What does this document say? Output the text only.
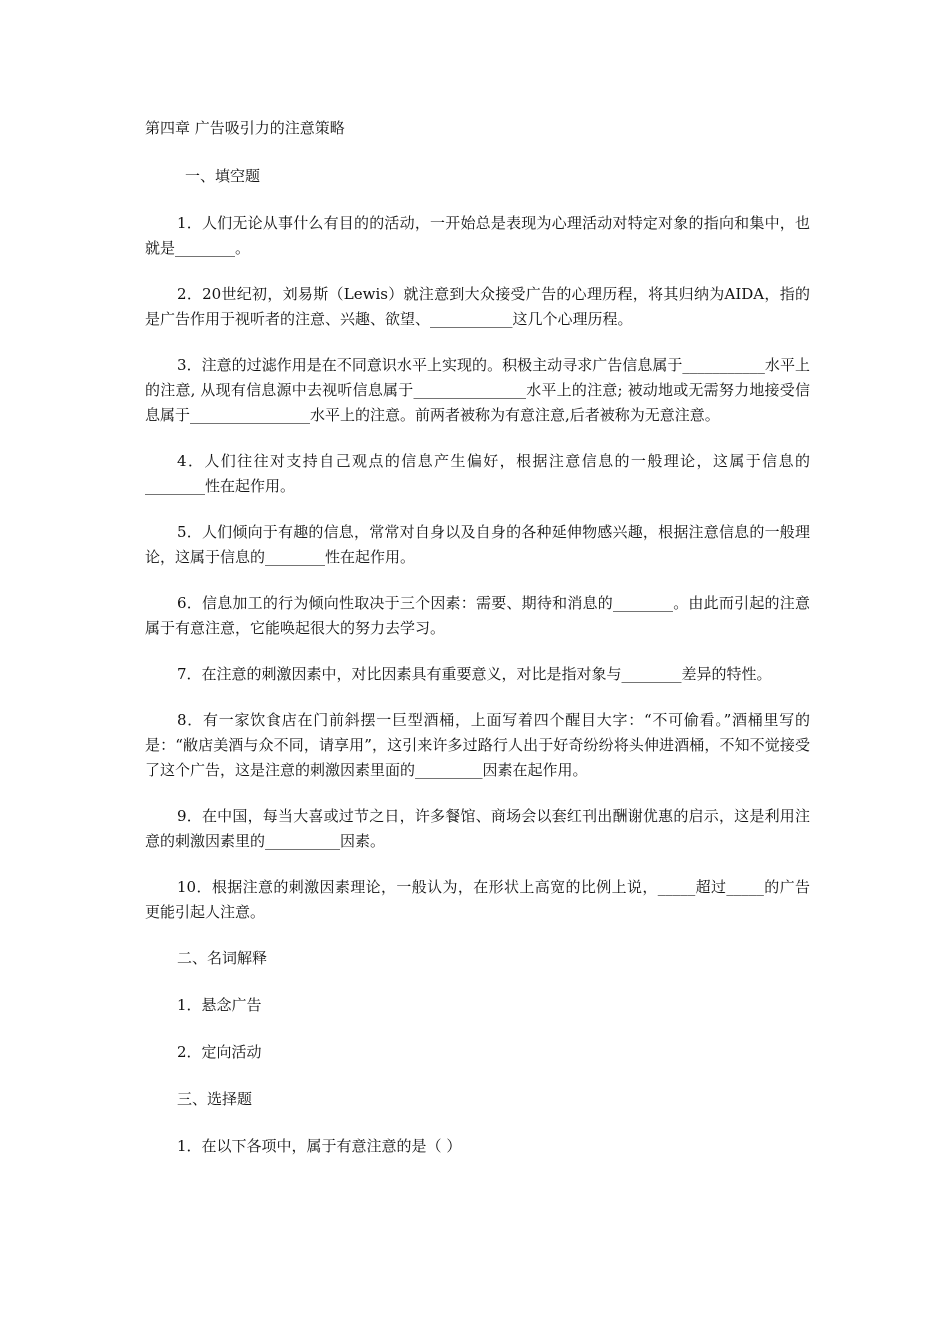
第四章 广告吸引力的注意策略
一、填空题

1．人们无论从事什么有目的的活动，一开始总是表现为心理活动对特定对象的指向和集中，也就是________。

2．20世纪初，刘易斯（Lewis）就注意到大众接受广告的心理历程，将其归纳为AIDA，指的是广告作用于视听者的注意、兴趣、欲望、___________这几个心理历程。

3．注意的过滤作用是在不同意识水平上实现的。积极主动寻求广告信息属于___________水平上的注意, 从现有信息源中去视听信息属于_______________水平上的注意; 被动地或无需努力地接受信息属于________________水平上的注意。前两者被称为有意注意,后者被称为无意注意。

4．人们往往对支持自己观点的信息产生偏好，根据注意信息的一般理论，这属于信息的________性在起作用。

5．人们倾向于有趣的信息，常常对自身以及自身的各种延伸物感兴趣，根据注意信息的一般理论，这属于信息的________性在起作用。

6．信息加工的行为倾向性取决于三个因素：需要、期待和消息的________。由此而引起的注意属于有意注意，它能唤起很大的努力去学习。

7．在注意的刺激因素中，对比因素具有重要意义，对比是指对象与________差异的特性。

8．有一家饮食店在门前斜摆一巨型酒桶，上面写着四个醒目大字：“不可偷看。”酒桶里写的是：“敝店美酒与众不同，请享用”，这引来许多过路行人出于好奇纷纷将头伸进酒桶，不知不觉接受了这个广告，这是注意的刺激因素里面的_________因素在起作用。

9．在中国，每当大喜或过节之日，许多餐馆、商场会以套红刊出酬谢优惠的启示，这是利用注意的刺激因素里的__________因素。

10．根据注意的刺激因素理论，一般认为，在形状上高宽的比例上说，_____超过_____的广告更能引起人注意。

二、名词解释

1．悬念广告

2．定向活动

三、选择题

1．在以下各项中，属于有意注意的是（ ）
